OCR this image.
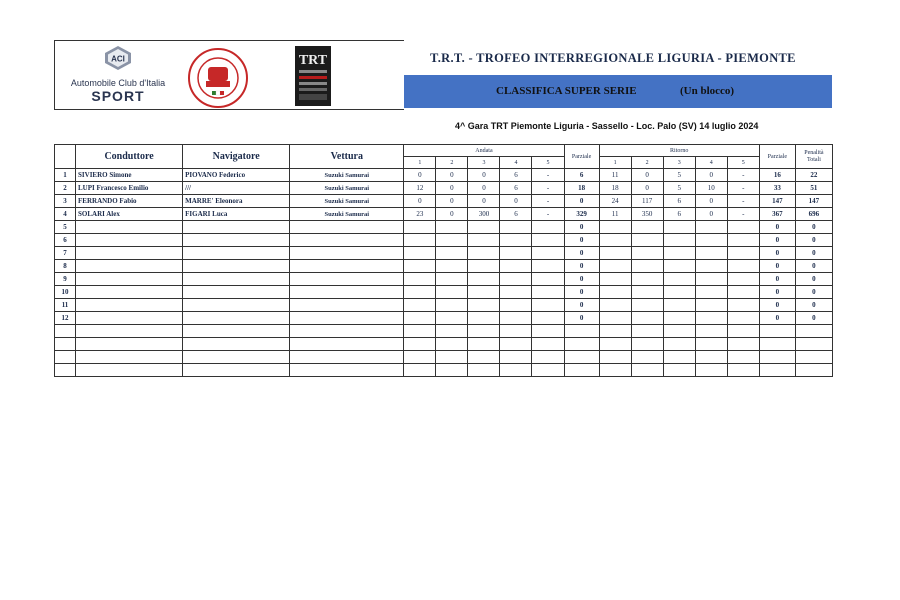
ACI
Automobile Club d'Italia
SPORT
TRT	T.R.T. - TROFEO INTERREGIONALE LIGURIA - PIEMONTE
CLASSIFICA SUPER SERIE	(Un blocco)
4^ Gara TRT Piemonte Liguria - Sassello - Loc. Palo (SV) 14 luglio 2024
	Conduttore	Navigatore	Vettura	Andata					Parziale	Ritorno					Parziale	Penalità Totali
				1	2	3	4	5		1	2	3	4	5		
1	SIVIERO Simone	PIOVANO Federico	Suzuki Samurai	0	0	0	6	-	6	11	0	5	0	-	16	22
2	LUPI Francesco Emilio	///	Suzuki Samurai	12	0	0	6	-	18	18	0	5	10	-	33	51
3	FERRANDO Fabio	MARRE' Eleonora	Suzuki Samurai	0	0	0	0	-	0	24	117	6	0	-	147	147
4	SOLARI Alex	FIGARI Luca	Suzuki Samurai	23	0	300	6	-	329	11	350	6	0	-	367	696
5									0						0	0
6									0						0	0
7									0						0	0
8									0						0	0
9									0						0	0
10									0						0	0
11									0						0	0
12									0						0	0
